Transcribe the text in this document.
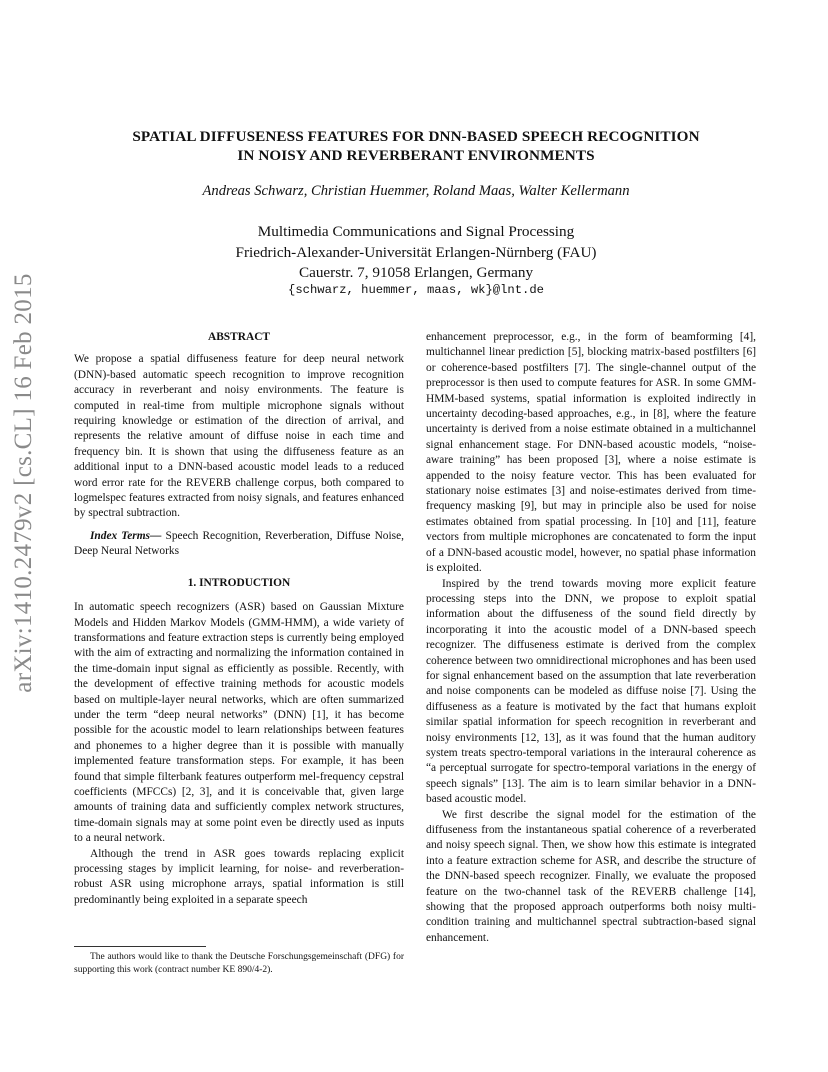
arXiv:1410.2479v2 [cs.CL] 16 Feb 2015
SPATIAL DIFFUSENESS FEATURES FOR DNN-BASED SPEECH RECOGNITION
IN NOISY AND REVERBERANT ENVIRONMENTS
Andreas Schwarz, Christian Huemmer, Roland Maas, Walter Kellermann
Multimedia Communications and Signal Processing
Friedrich-Alexander-Universität Erlangen-Nürnberg (FAU)
Cauerstr. 7, 91058 Erlangen, Germany
{schwarz, huemmer, maas, wk}@lnt.de
ABSTRACT

We propose a spatial diffuseness feature for deep neural network (DNN)-based automatic speech recognition to improve recognition accuracy in reverberant and noisy environments. The feature is computed in real-time from multiple microphone signals without requiring knowledge or estimation of the direction of arrival, and represents the relative amount of diffuse noise in each time and frequency bin. It is shown that using the diffuseness feature as an additional input to a DNN-based acoustic model leads to a reduced word error rate for the REVERB challenge corpus, both compared to logmelspec features extracted from noisy signals, and features enhanced by spectral subtraction.

Index Terms— Speech Recognition, Reverberation, Diffuse Noise, Deep Neural Networks

1. INTRODUCTION

In automatic speech recognizers (ASR) based on Gaussian Mixture Models and Hidden Markov Models (GMM-HMM), a wide variety of transformations and feature extraction steps is currently being employed with the aim of extracting and normalizing the information contained in the time-domain input signal as efficiently as possible. Recently, with the development of effective training methods for acoustic models based on multiple-layer neural networks, which are often summarized under the term “deep neural networks” (DNN) [1], it has become possible for the acoustic model to learn relationships between features and phonemes to a higher degree than it is possible with manually implemented feature transformation steps. For example, it has been found that simple filterbank features outperform mel-frequency cepstral coefficients (MFCCs) [2, 3], and it is conceivable that, given large amounts of training data and sufficiently complex network structures, time-domain signals may at some point even be directly used as inputs to a neural network.

Although the trend in ASR goes towards replacing explicit processing stages by implicit learning, for noise- and reverberation-robust ASR using microphone arrays, spatial information is still predominantly being exploited in a separate speech

The authors would like to thank the Deutsche Forschungsgemeinschaft (DFG) for supporting this work (contract number KE 890/4-2).

enhancement preprocessor, e.g., in the form of beamforming [4], multichannel linear prediction [5], blocking matrix-based postfilters [6] or coherence-based postfilters [7]. The single-channel output of the preprocessor is then used to compute features for ASR. In some GMM-HMM-based systems, spatial information is exploited indirectly in uncertainty decoding-based approaches, e.g., in [8], where the feature uncertainty is derived from a noise estimate obtained in a multichannel signal enhancement stage. For DNN-based acoustic models, “noise-aware training” has been proposed [3], where a noise estimate is appended to the noisy feature vector. This has been evaluated for stationary noise estimates [3] and noise-estimates derived from time-frequency masking [9], but may in principle also be used for noise estimates obtained from spatial processing. In [10] and [11], feature vectors from multiple microphones are concatenated to form the input of a DNN-based acoustic model, however, no spatial phase information is exploited.

Inspired by the trend towards moving more explicit feature processing steps into the DNN, we propose to exploit spatial information about the diffuseness of the sound field directly by incorporating it into the acoustic model of a DNN-based speech recognizer. The diffuseness estimate is derived from the complex coherence between two omnidirectional microphones and has been used for signal enhancement based on the assumption that late reverberation and noise components can be modeled as diffuse noise [7]. Using the diffuseness as a feature is motivated by the fact that humans exploit similar spatial information for speech recognition in reverberant and noisy environments [12, 13], as it was found that the human auditory system treats spectro-temporal variations in the interaural coherence as “a perceptual surrogate for spectro-temporal variations in the energy of speech signals” [13]. The aim is to learn similar behavior in a DNN-based acoustic model.

We first describe the signal model for the estimation of the diffuseness from the instantaneous spatial coherence of a reverberated and noisy speech signal. Then, we show how this estimate is integrated into a feature extraction scheme for ASR, and describe the structure of the DNN-based speech recognizer. Finally, we evaluate the proposed feature on the two-channel task of the REVERB challenge [14], showing that the proposed approach outperforms both noisy multi-condition training and multichannel spectral subtraction-based signal enhancement.
